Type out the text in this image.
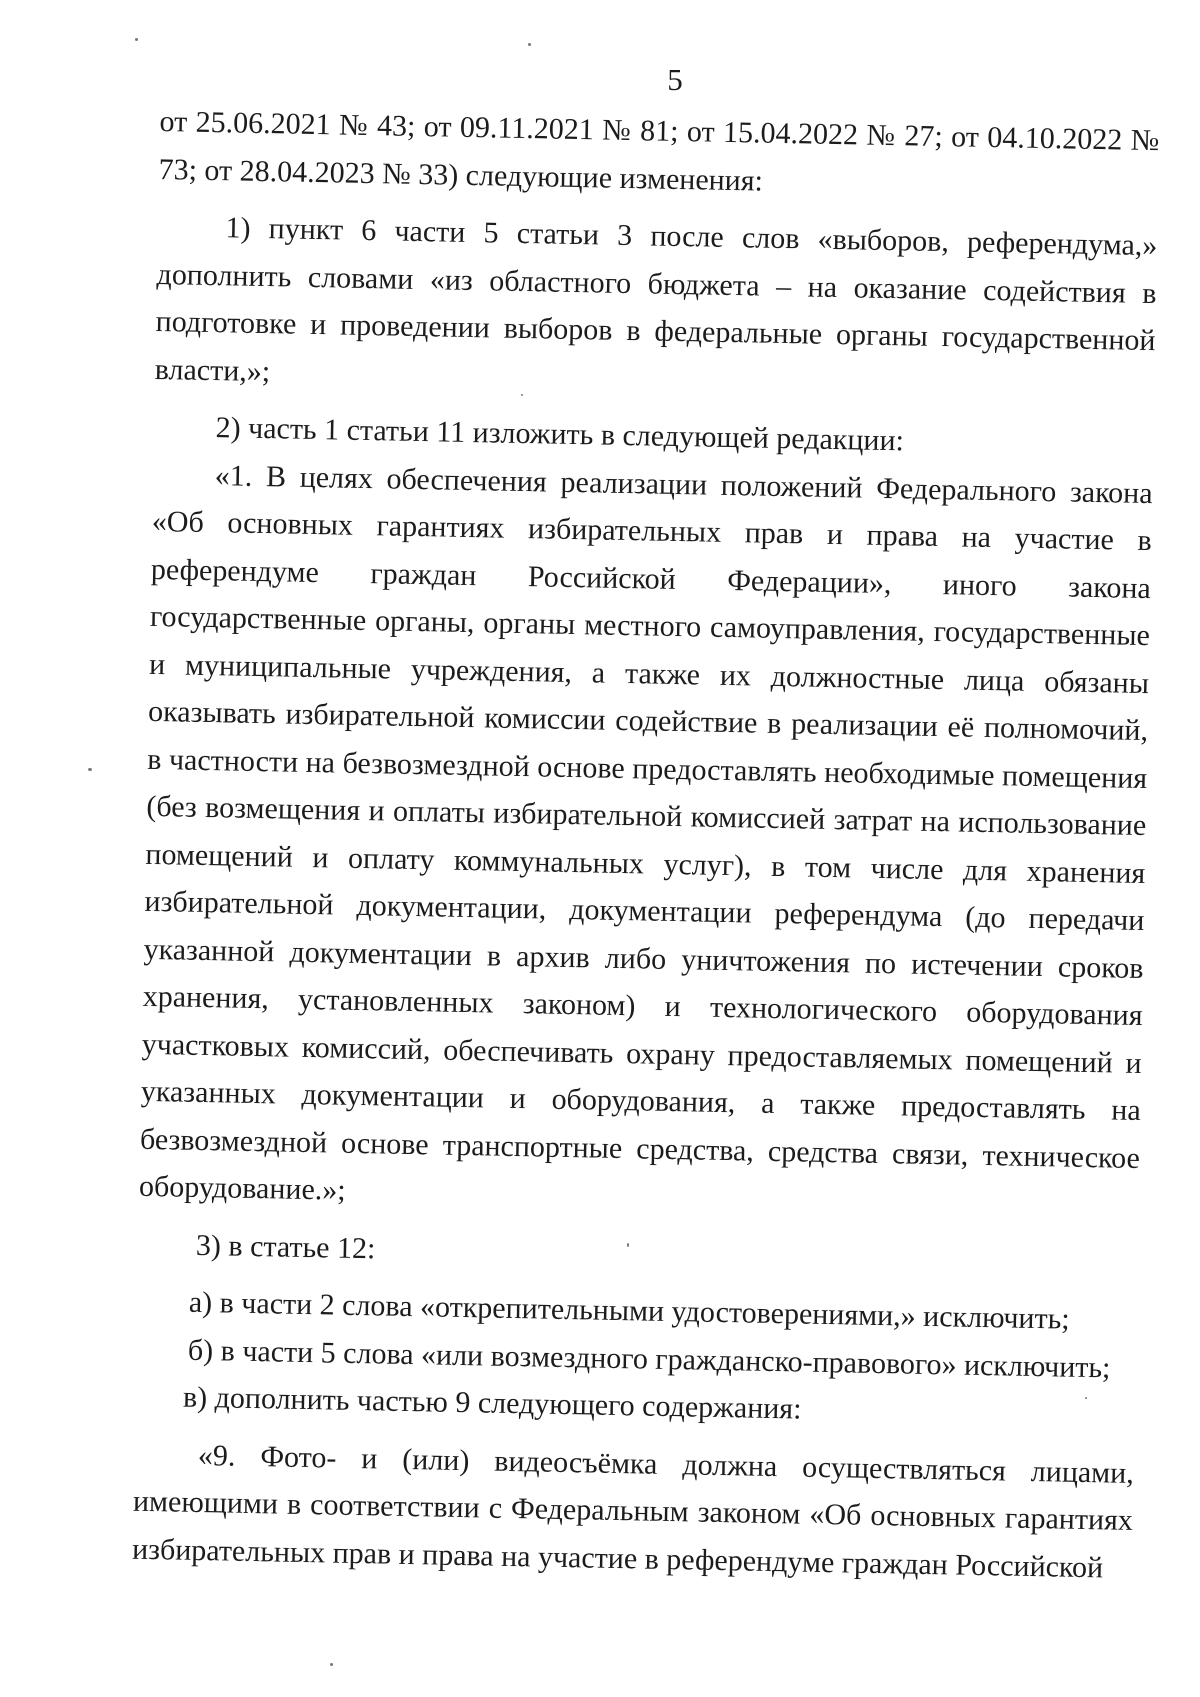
5

от 25.06.2021 № 43; от 09.11.2021 № 81; от 15.04.2022 № 27; от 04.10.2022 № 73; от 28.04.2023 № 33) следующие изменения:

1) пункт 6 части 5 статьи 3 после слов «выборов, референдума,» дополнить словами «из областного бюджета – на оказание содействия в подготовке и проведении выборов в федеральные органы государственной власти,»;

2) часть 1 статьи 11 изложить в следующей редакции:

«1. В целях обеспечения реализации положений Федерального закона «Об основных гарантиях избирательных прав и права на участие в референдуме граждан Российской Федерации», иного закона государственные органы, органы местного самоуправления, государственные и муниципальные учреждения, а также их должностные лица обязаны оказывать избирательной комиссии содействие в реализации её полномочий, в частности на безвозмездной основе предоставлять необходимые помещения (без возмещения и оплаты избирательной комиссией затрат на использование помещений и оплату коммунальных услуг), в том числе для хранения избирательной документации, документации референдума (до передачи указанной документации в архив либо уничтожения по истечении сроков хранения, установленных законом) и технологического оборудования участковых комиссий, обеспечивать охрану предоставляемых помещений и указанных документации и оборудования, а также предоставлять на безвозмездной основе транспортные средства, средства связи, техническое оборудование.»;

3) в статье 12:

а) в части 2 слова «открепительными удостоверениями,» исключить;

б) в части 5 слова «или возмездного гражданско-правового» исключить;

в) дополнить частью 9 следующего содержания:

«9. Фото- и (или) видеосъёмка должна осуществляться лицами, имеющими в соответствии с Федеральным законом «Об основных гарантиях избирательных прав и права на участие в референдуме граждан Российской
